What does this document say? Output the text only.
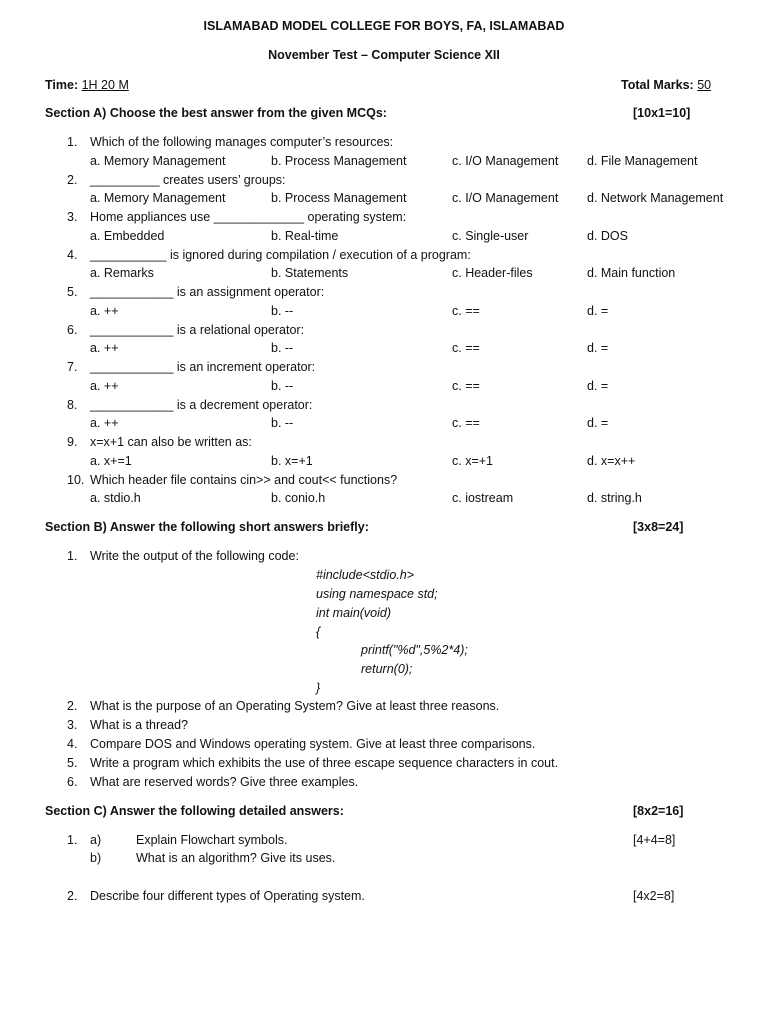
ISLAMABAD MODEL COLLEGE FOR BOYS, FA, ISLAMABAD
November Test – Computer Science XII
Time: 1H 20 M	Total Marks: 50
Section A) Choose the best answer from the given MCQs:	[10x1=10]
1. Which of the following manages computer’s resources:
a. Memory Management	b. Process Management	c. I/O Management d. File Management
2. __________ creates users’ groups:
a. Memory Management	b. Process Management	c. I/O Management d. Network Management
3. Home appliances use _____________ operating system:
a. Embedded	b. Real-time	c. Single-user	d. DOS
4. ___________ is ignored during compilation / execution of a program:
a. Remarks	b. Statements	c. Header-files	d. Main function
5. ____________ is an assignment operator:
a. ++	b. --	c. ==	d. =
6. ____________ is a relational operator:
a. ++	b. --	c. ==	d. =
7. ____________ is an increment operator:
a. ++	b. --	c. ==	d. =
8. ____________ is a decrement operator:
a. ++	b. --	c. ==	d. =
9. x=x+1 can also be written as:
a. x+=1	b. x=+1	c. x=+1	d. x=x++
10. Which header file contains cin>> and cout<< functions?
a. stdio.h	b. conio.h	c. iostream	d. string.h
Section B) Answer the following short answers briefly:	[3x8=24]
1. Write the output of the following code:
#include<stdio.h>
using namespace std;
int main(void)
{
printf("%d",5%2*4);
return(0);
}
2. What is the purpose of an Operating System? Give at least three reasons.
3. What is a thread?
4. Compare DOS and Windows operating system. Give at least three comparisons.
5. Write a program which exhibits the use of three escape sequence characters in cout.
6. What are reserved words? Give three examples.
Section C) Answer the following detailed answers:	[8x2=16]
1. a)	Explain Flowchart symbols.	[4+4=8]
b)	What is an algorithm? Give its uses.
2. Describe four different types of Operating system.	[4x2=8]
